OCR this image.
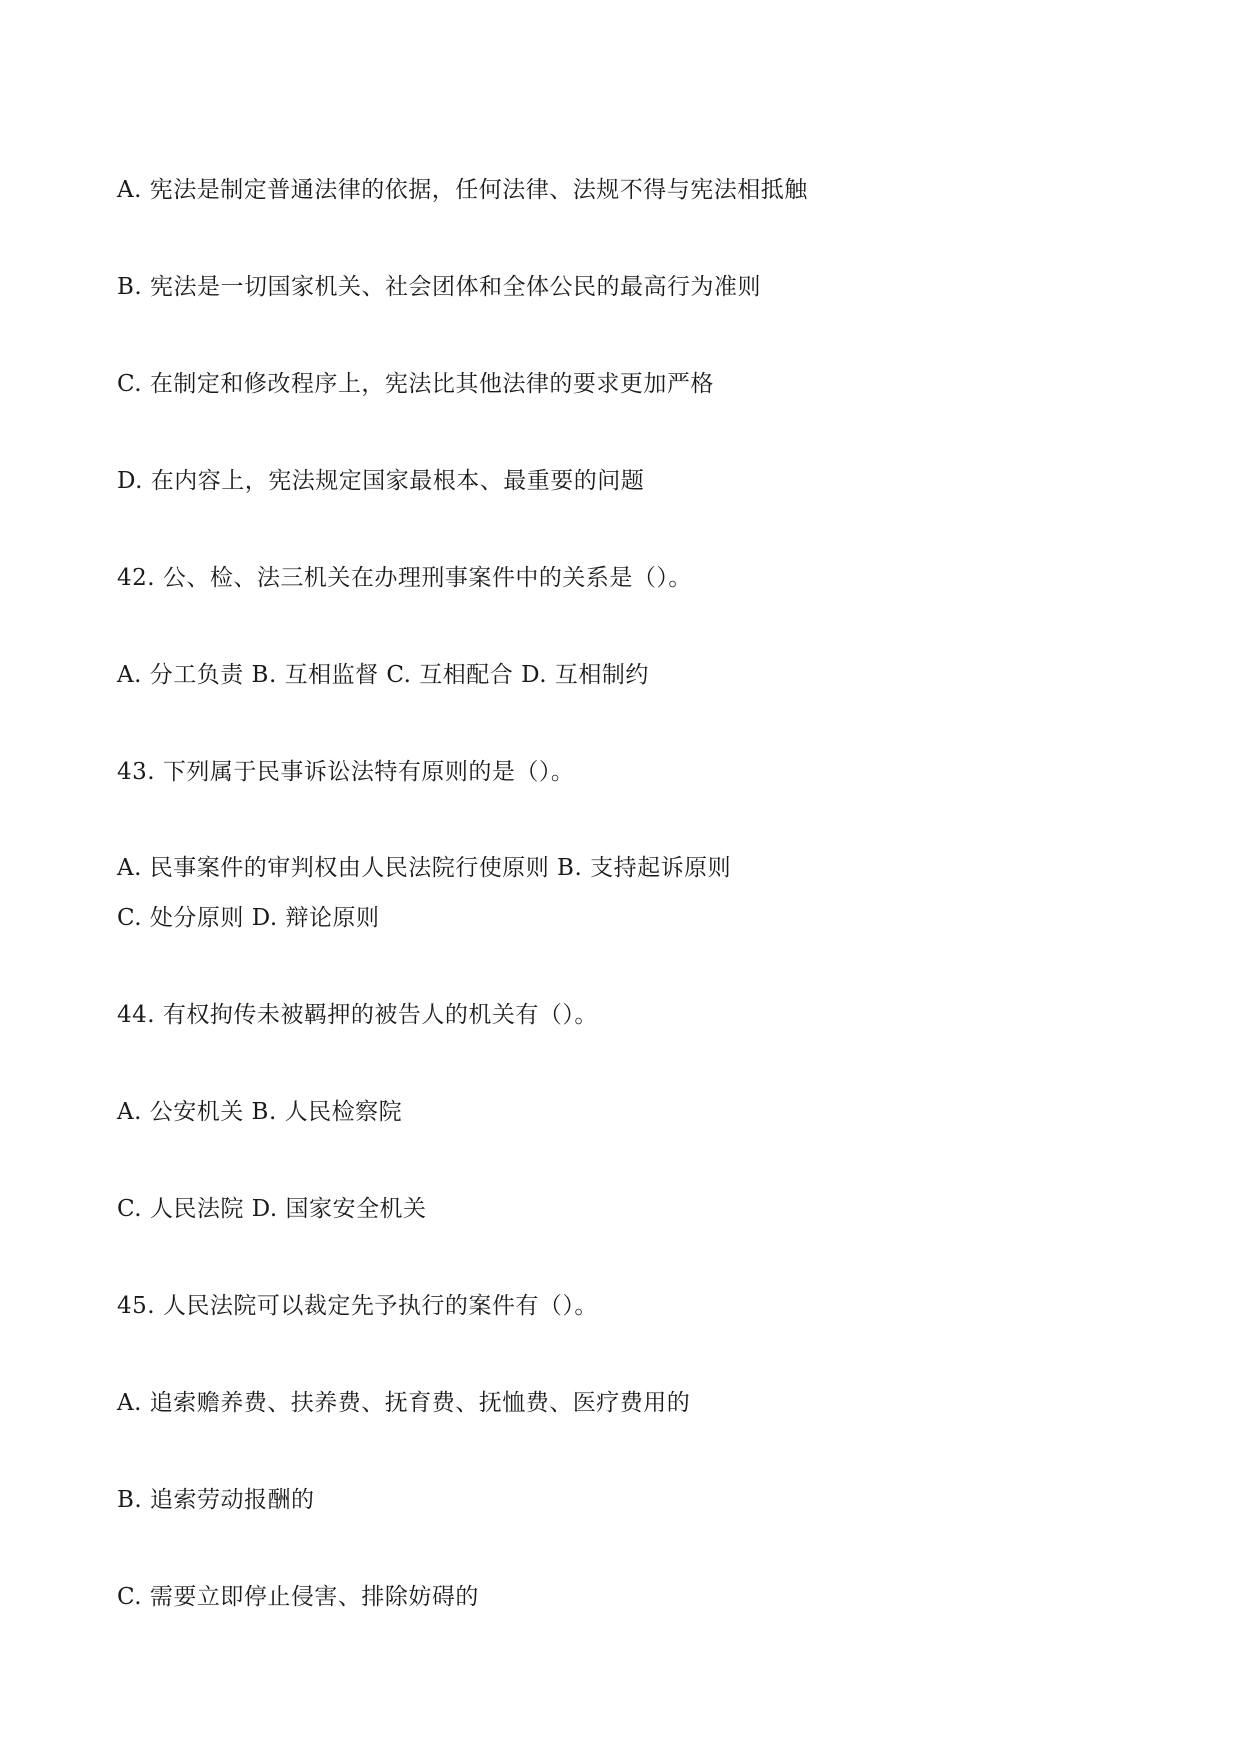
A. 宪法是制定普通法律的依据，任何法律、法规不得与宪法相抵触
B. 宪法是一切国家机关、社会团体和全体公民的最高行为准则
C. 在制定和修改程序上，宪法比其他法律的要求更加严格
D. 在内容上，宪法规定国家最根本、最重要的问题
42. 公、检、法三机关在办理刑事案件中的关系是（）。
A. 分工负责 B. 互相监督 C. 互相配合 D. 互相制约
43. 下列属于民事诉讼法特有原则的是（）。
A. 民事案件的审判权由人民法院行使原则 B. 支持起诉原则
C. 处分原则 D. 辩论原则
44. 有权拘传未被羁押的被告人的机关有（）。
A. 公安机关 B. 人民检察院
C. 人民法院 D. 国家安全机关
45. 人民法院可以裁定先予执行的案件有（）。
A. 追索赡养费、扶养费、抚育费、抚恤费、医疗费用的
B. 追索劳动报酬的
C. 需要立即停止侵害、排除妨碍的
